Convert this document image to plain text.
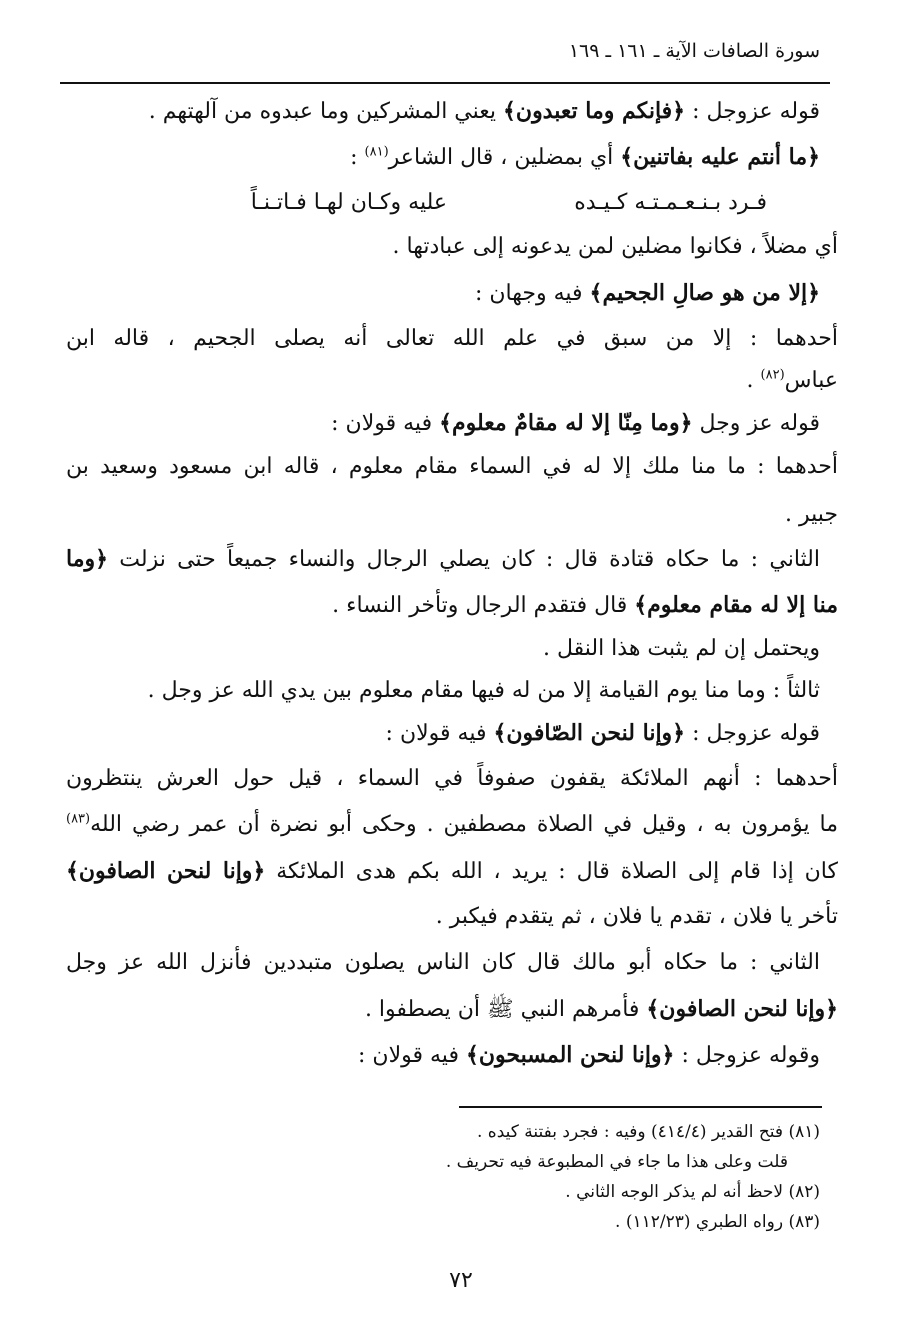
سورة الصافات الآية ـ ١٦١ ـ ١٦٩
قوله عزوجل : ﴿فإنكم وما تعبدون﴾ يعني المشركين وما عبدوه من آلهتهم .
﴿ما أنتم عليه بفاتنين﴾ أي بمضلين ، قال الشاعر$^{(٨١)}$ :
فـرد بـنـعـمـتـه كـيـده
عليه وكـان لهـا فـاتـنـاً
أي مضلاً ، فكانوا مضلين لمن يدعونه إلى عبادتها .
﴿إلا من هو صالِ الجحيم﴾ فيه وجهان :
أحدهما : إلا من سبق في علم الله تعالى أنه يصلى الجحيم ، قاله ابن
عباس$^{(٨٢)}$ .
قوله عز وجل ﴿وما مِنّا إلا له مقامٌ معلوم﴾ فيه قولان :
أحدهما : ما منا ملك إلا له في السماء مقام معلوم ، قاله ابن مسعود وسعيد بن
جبير .
الثاني : ما حكاه قتادة قال : كان يصلي الرجال والنساء جميعاً حتى نزلت ﴿وما
منا إلا له مقام معلوم﴾ قال فتقدم الرجال وتأخر النساء .
ويحتمل إن لم يثبت هذا النقل .
ثالثاً : وما منا يوم القيامة إلا من له فيها مقام معلوم بين يدي الله عز وجل .
قوله عزوجل : ﴿وإنا لنحن الصّافون﴾ فيه قولان :
أحدهما : أنهم الملائكة يقفون صفوفاً في السماء ، قيل حول العرش ينتظرون
ما يؤمرون به ، وقيل في الصلاة مصطفين . وحكى أبو نضرة أن عمر رضي الله$^{(٨٣)}$
كان إذا قام إلى الصلاة قال : يريد ، الله بكم هدى الملائكة ﴿وإنا لنحن الصافون﴾
تأخر يا فلان ، تقدم يا فلان ، ثم يتقدم فيكبر .
الثاني : ما حكاه أبو مالك قال كان الناس يصلون متبددين فأنزل الله عز وجل
﴿وإنا لنحن الصافون﴾ فأمرهم النبي ﷺ أن يصطفوا .
وقوله عزوجل : ﴿وإنا لنحن المسبحون﴾ فيه قولان :
(٨١) فتح القدير (٤١٤/٤) وفيه : فجرد بفتنة كيده .
قلت وعلى هذا ما جاء في المطبوعة فيه تحريف .
(٨٢) لاحظ أنه لم يذكر الوجه الثاني .
(٨٣) رواه الطبري (١١٢/٢٣) .
٧٢
